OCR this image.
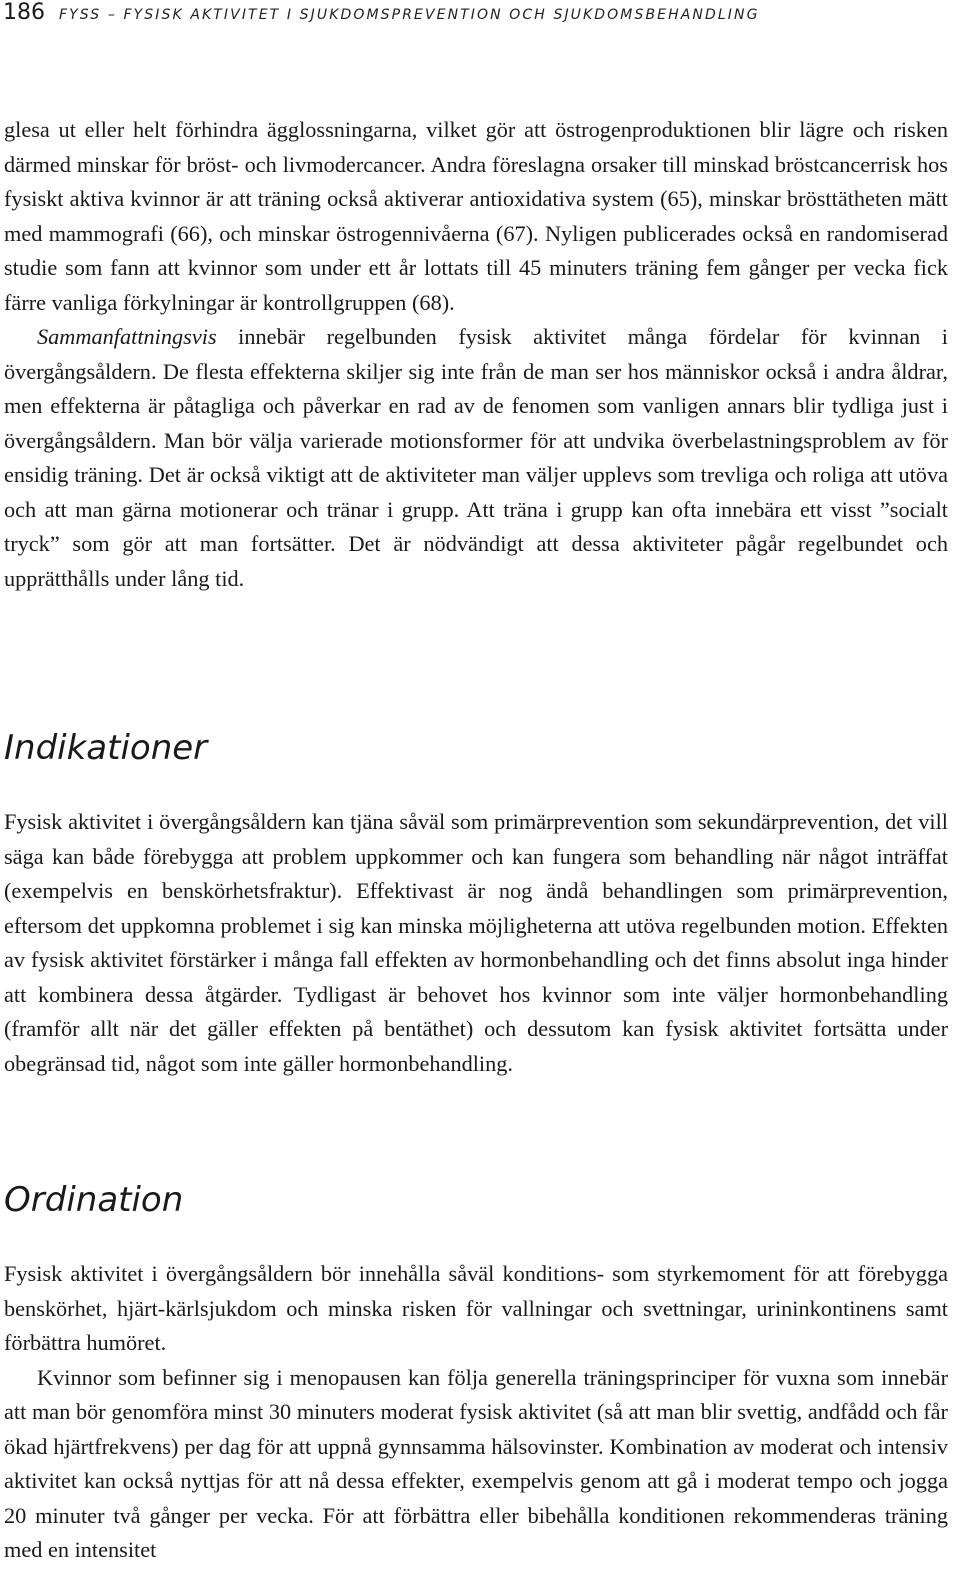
186 FYSS – FYSISK AKTIVITET I SJUKDOMSPREVENTION OCH SJUKDOMSBEHANDLING

glesa ut eller helt förhindra ägglossningarna, vilket gör att östrogenproduktionen blir lägre och risken därmed minskar för bröst- och livmodercancer. Andra föreslagna orsaker till minskad bröstcancerrisk hos fysiskt aktiva kvinnor är att träning också aktiverar antioxidativa system (65), minskar brösttätheten mätt med mammografi (66), och minskar östrogennivåerna (67). Nyligen publicerades också en randomiserad studie som fann att kvinnor som under ett år lottats till 45 minuters träning fem gånger per vecka fick färre vanliga förkylningar är kontrollgruppen (68).

Sammanfattningsvis innebär regelbunden fysisk aktivitet många fördelar för kvinnan i övergångsåldern. De flesta effekterna skiljer sig inte från de man ser hos människor också i andra åldrar, men effekterna är påtagliga och påverkar en rad av de fenomen som vanligen annars blir tydliga just i övergångsåldern. Man bör välja varierade motionsformer för att undvika överbelastningsproblem av för ensidig träning. Det är också viktigt att de aktiviteter man väljer upplevs som trevliga och roliga att utöva och att man gärna motionerar och tränar i grupp. Att träna i grupp kan ofta innebära ett visst ”socialt tryck” som gör att man fortsätter. Det är nödvändigt att dessa aktiviteter pågår regelbundet och upprätthålls under lång tid.

Indikationer

Fysisk aktivitet i övergångsåldern kan tjäna såväl som primärprevention som sekundärprevention, det vill säga kan både förebygga att problem uppkommer och kan fungera som behandling när något inträffat (exempelvis en benskörhetsfraktur). Effektivast är nog ändå behandlingen som primärprevention, eftersom det uppkomna problemet i sig kan minska möjligheterna att utöva regelbunden motion. Effekten av fysisk aktivitet förstärker i många fall effekten av hormonbehandling och det finns absolut inga hinder att kombinera dessa åtgärder. Tydligast är behovet hos kvinnor som inte väljer hormonbehandling (framför allt när det gäller effekten på bentäthet) och dessutom kan fysisk aktivitet fortsätta under obegränsad tid, något som inte gäller hormonbehandling.

Ordination

Fysisk aktivitet i övergångsåldern bör innehålla såväl konditions- som styrkemoment för att förebygga benskörhet, hjärt-kärlsjukdom och minska risken för vallningar och svettningar, urininkontinens samt förbättra humöret.

Kvinnor som befinner sig i menopausen kan följa generella träningsprinciper för vuxna som innebär att man bör genomföra minst 30 minuters moderat fysisk aktivitet (så att man blir svettig, andfådd och får ökad hjärtfrekvens) per dag för att uppnå gynnsamma hälsovinster. Kombination av moderat och intensiv aktivitet kan också nyttjas för att nå dessa effekter, exempelvis genom att gå i moderat tempo och jogga 20 minuter två gånger per vecka. För att förbättra eller bibehålla konditionen rekommenderas träning med en intensitet
